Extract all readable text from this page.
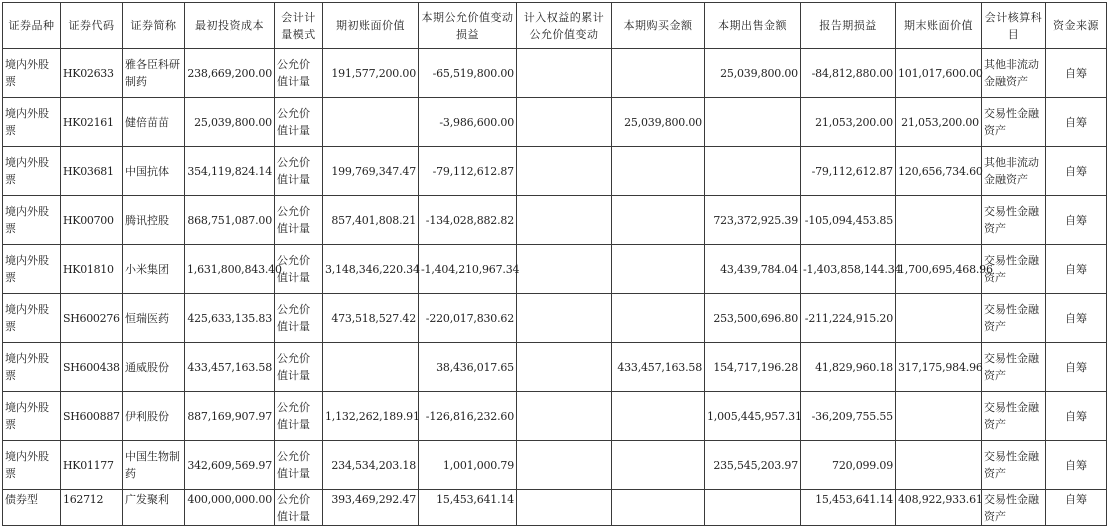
证券品种	证券代码	证券简称	最初投资成本	会计计量模式	期初账面价值	本期公允价值变动损益	计入权益的累计公允价值变动	本期购买金额	本期出售金额	报告期损益	期末账面价值	会计核算科目	资金来源
境内外股票	HK02633	雅各臣科研制药	238,669,200.00	公允价值计量	191,577,200.00	-65,519,800.00			25,039,800.00	-84,812,880.00	101,017,600.00	其他非流动金融资产	自筹
境内外股票	HK02161	健倍苗苗	25,039,800.00	公允价值计量		-3,986,600.00		25,039,800.00		21,053,200.00	21,053,200.00	交易性金融资产	自筹
境内外股票	HK03681	中国抗体	354,119,824.14	公允价值计量	199,769,347.47	-79,112,612.87				-79,112,612.87	120,656,734.60	其他非流动金融资产	自筹
境内外股票	HK00700	腾讯控股	868,751,087.00	公允价值计量	857,401,808.21	-134,028,882.82			723,372,925.39	-105,094,453.85		交易性金融资产	自筹
境内外股票	HK01810	小米集团	1,631,800,843.40	公允价值计量	3,148,346,220.34	-1,404,210,967.34			43,439,784.04	-1,403,858,144.34	1,700,695,468.96	交易性金融资产	自筹
境内外股票	SH600276	恒瑞医药	425,633,135.83	公允价值计量	473,518,527.42	-220,017,830.62			253,500,696.80	-211,224,915.20		交易性金融资产	自筹
境内外股票	SH600438	通威股份	433,457,163.58	公允价值计量		38,436,017.65		433,457,163.58	154,717,196.28	41,829,960.18	317,175,984.96	交易性金融资产	自筹
境内外股票	SH600887	伊利股份	887,169,907.97	公允价值计量	1,132,262,189.91	-126,816,232.60			1,005,445,957.31	-36,209,755.55		交易性金融资产	自筹
境内外股票	HK01177	中国生物制药	342,609,569.97	公允价值计量	234,534,203.18	1,001,000.79			235,545,203.97	720,099.09		交易性金融资产	自筹
债券型	162712	广发聚利	400,000,000.00	公允价值计量	393,469,292.47	15,453,641.14				15,453,641.14	408,922,933.61	交易性金融资产	自筹
